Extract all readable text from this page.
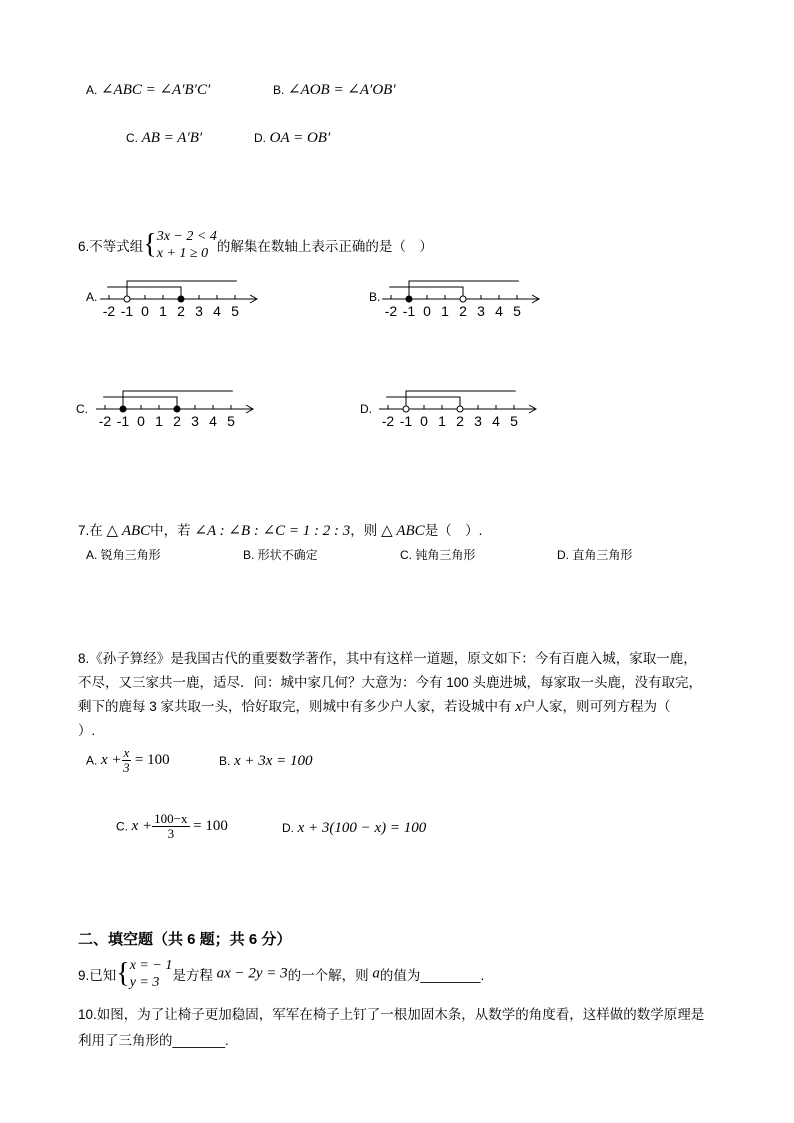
A. ∠ABC = ∠A′B′C′	B. ∠AOB = ∠A′OB′
C. AB = A′B′	D. OA = OB′
6.不等式组{ 3x − 2 < 4
x + 1 ≥ 0 的解集在数轴上表示正确的是（　）
A.
-2 -1 0 1 2 3 4 5
B.
-2 -1 0 1 2 3 4 5
C.
-2 -1 0 1 2 3 4 5
D.
-2 -1 0 1 2 3 4 5
7.在 △ ABC中，若 ∠A : ∠B : ∠C = 1 : 2 : 3，则 △ ABC是（　）.
A. 锐角三角形	B. 形状不确定	C. 钝角三角形	D. 直角三角形
8.《孙子算经》是我国古代的重要数学著作，其中有这样一道题，原文如下：今有百鹿入城，家取一鹿，
不尽，又三家共一鹿，适尽．问：城中家几何？大意为：今有 100 头鹿进城，每家取一头鹿，没有取完，
剩下的鹿每 3 家共取一头，恰好取完，则城中有多少户人家，若设城中有 x户人家，则可列方程为（
）.
A. $x + \frac{x}{3} = 100$	B. x + 3x = 100
C. $x + \frac{100-x}{3} = 100$	D. x + 3(100 − x) = 100
二、填空题（共 6 题；共 6 分）
9.已知{ x = − 1
y = 3 是方程 ax − 2y = 3的一个解，则 a的值为________.
10.如图，为了让椅子更加稳固，军军在椅子上钉了一根加固木条，从数学的角度看，这样做的数学原理是
利用了三角形的_______.
